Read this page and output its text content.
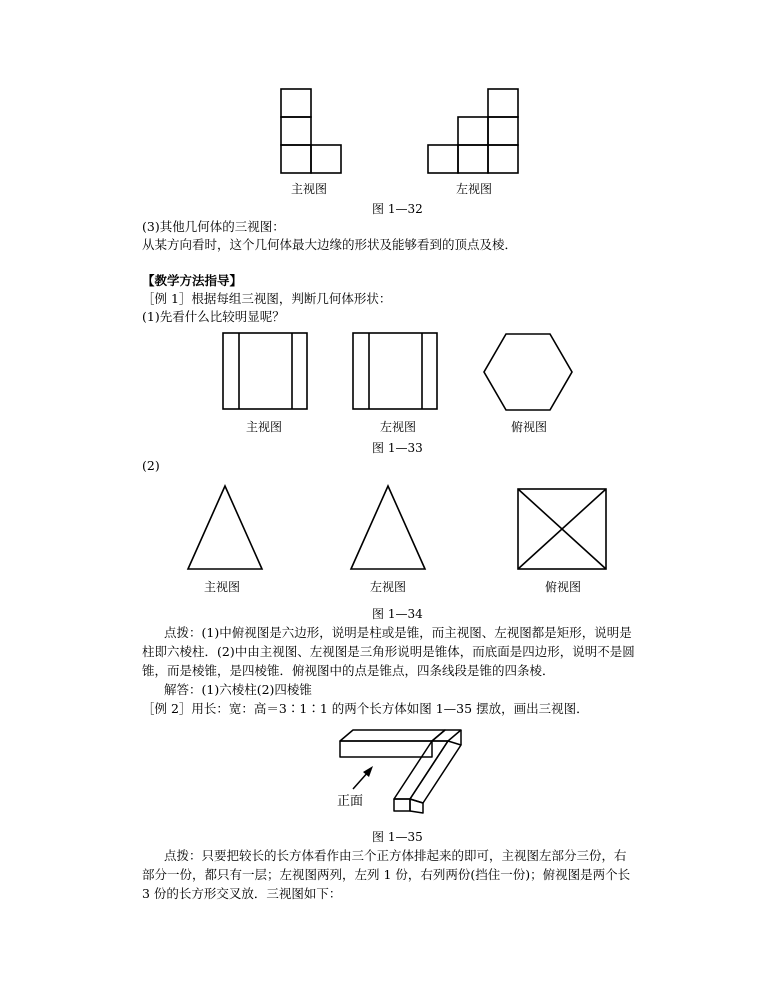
主视图	左视图
图 1—32
(3)其他几何体的三视图：
从某方向看时，这个几何体最大边缘的形状及能够看到的顶点及棱．
【教学方法指导】
［例 1］根据每组三视图，判断几何体形状：
(1)先看什么比较明显呢？
主视图	左视图	俯视图
图 1—33
(2)
主视图	左视图	俯视图
图 1—34
点拨：(1)中俯视图是六边形，说明是柱或是锥，而主视图、左视图都是矩形，说明是
柱即六棱柱．(2)中由主视图、左视图是三角形说明是锥体，而底面是四边形，说明不是圆
锥，而是棱锥，是四棱锥．俯视图中的点是锥点，四条线段是锥的四条棱．
解答：(1)六棱柱(2)四棱锥
［例 2］用长：宽：高＝3∶1∶1 的两个长方体如图 1—35 摆放，画出三视图．
正面
图 1—35
点拨：只要把较长的长方体看作由三个正方体排起来的即可，主视图左部分三份，右
部分一份，都只有一层；左视图两列，左列 1 份，右列两份(挡住一份)；俯视图是两个长
3 份的长方形交叉放．三视图如下：
